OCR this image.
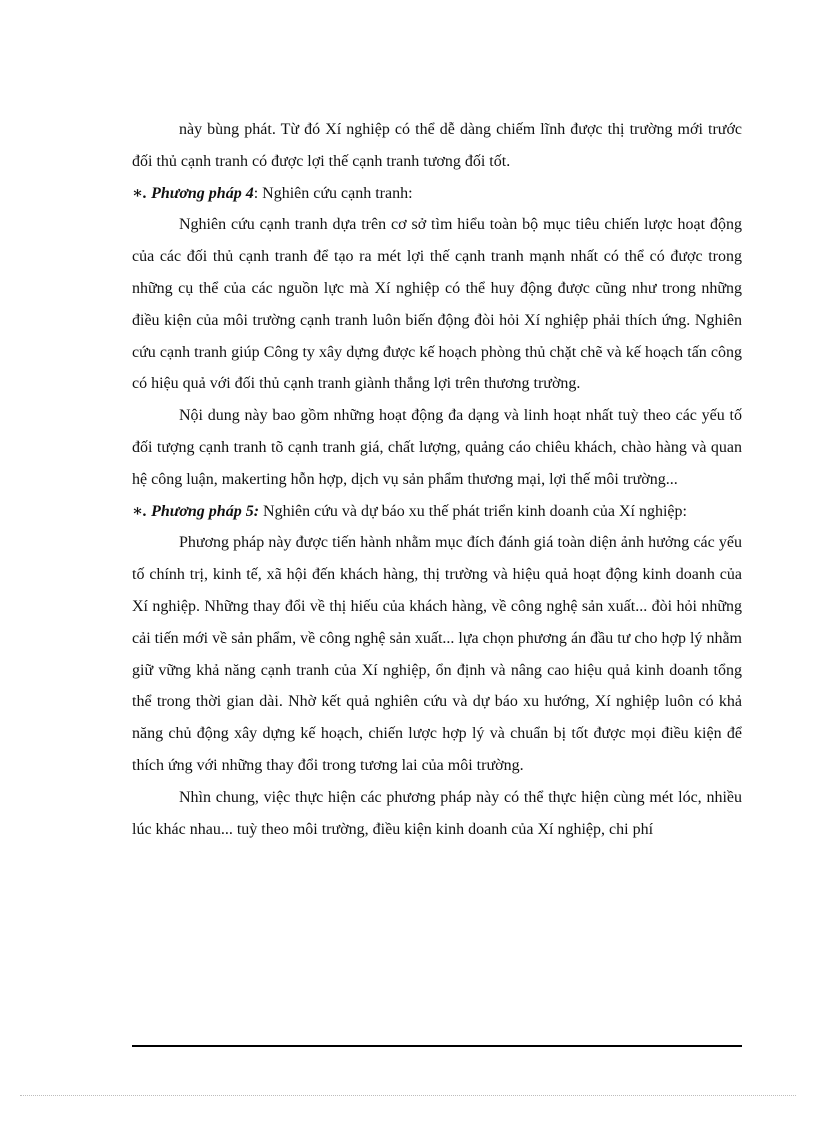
này bùng phát. Từ đó Xí nghiệp có thể dễ dàng chiếm lĩnh được thị trường mới trước đối thủ cạnh tranh có được lợi thế cạnh tranh tương đối tốt.

∗. Phương pháp 4: Nghiên cứu cạnh tranh:

Nghiên cứu cạnh tranh dựa trên cơ sở tìm hiểu toàn bộ mục tiêu chiến lược hoạt động của các đối thủ cạnh tranh để tạo ra mét lợi thế cạnh tranh mạnh nhất có thể có được trong những cụ thể của các nguồn lực mà Xí nghiệp có thể huy động được cũng như trong những điều kiện của môi trường cạnh tranh luôn biến động đòi hỏi Xí nghiệp phải thích ứng. Nghiên cứu cạnh tranh giúp Công ty xây dựng được kế hoạch phòng thủ chặt chẽ và kế hoạch tấn công có hiệu quả với đối thủ cạnh tranh giành thắng lợi trên thương trường.

Nội dung này bao gồm những hoạt động đa dạng và linh hoạt nhất tuỳ theo các yếu tố đối tượng cạnh tranh tõ cạnh tranh giá, chất lượng, quảng cáo chiêu khách, chào hàng và quan hệ công luận, makerting hỗn hợp, dịch vụ sản phẩm thương mại, lợi thế môi trường...

∗. Phương pháp 5: Nghiên cứu và dự báo xu thế phát triển kinh doanh của Xí nghiệp:

Phương pháp này được tiến hành nhằm mục đích đánh giá toàn diện ảnh hưởng các yếu tố chính trị, kinh tế, xã hội đến khách hàng, thị trường và hiệu quả hoạt động kinh doanh của Xí nghiệp. Những thay đổi về thị hiếu của khách hàng, về công nghệ sản xuất... đòi hỏi những cải tiến mới về sản phẩm, về công nghệ sản xuất... lựa chọn phương án đầu tư cho hợp lý nhằm giữ vững khả năng cạnh tranh của Xí nghiệp, ổn định và nâng cao hiệu quả kinh doanh tổng thể trong thời gian dài. Nhờ kết quả nghiên cứu và dự báo xu hướng, Xí nghiệp luôn có khả năng chủ động xây dựng kế hoạch, chiến lược hợp lý và chuẩn bị tốt được mọi điều kiện để thích ứng với những thay đổi trong tương lai của môi trường.

Nhìn chung, việc thực hiện các phương pháp này có thể thực hiện cùng mét lóc, nhiều lúc khác nhau... tuỳ theo môi trường, điều kiện kinh doanh của Xí nghiệp, chi phí
